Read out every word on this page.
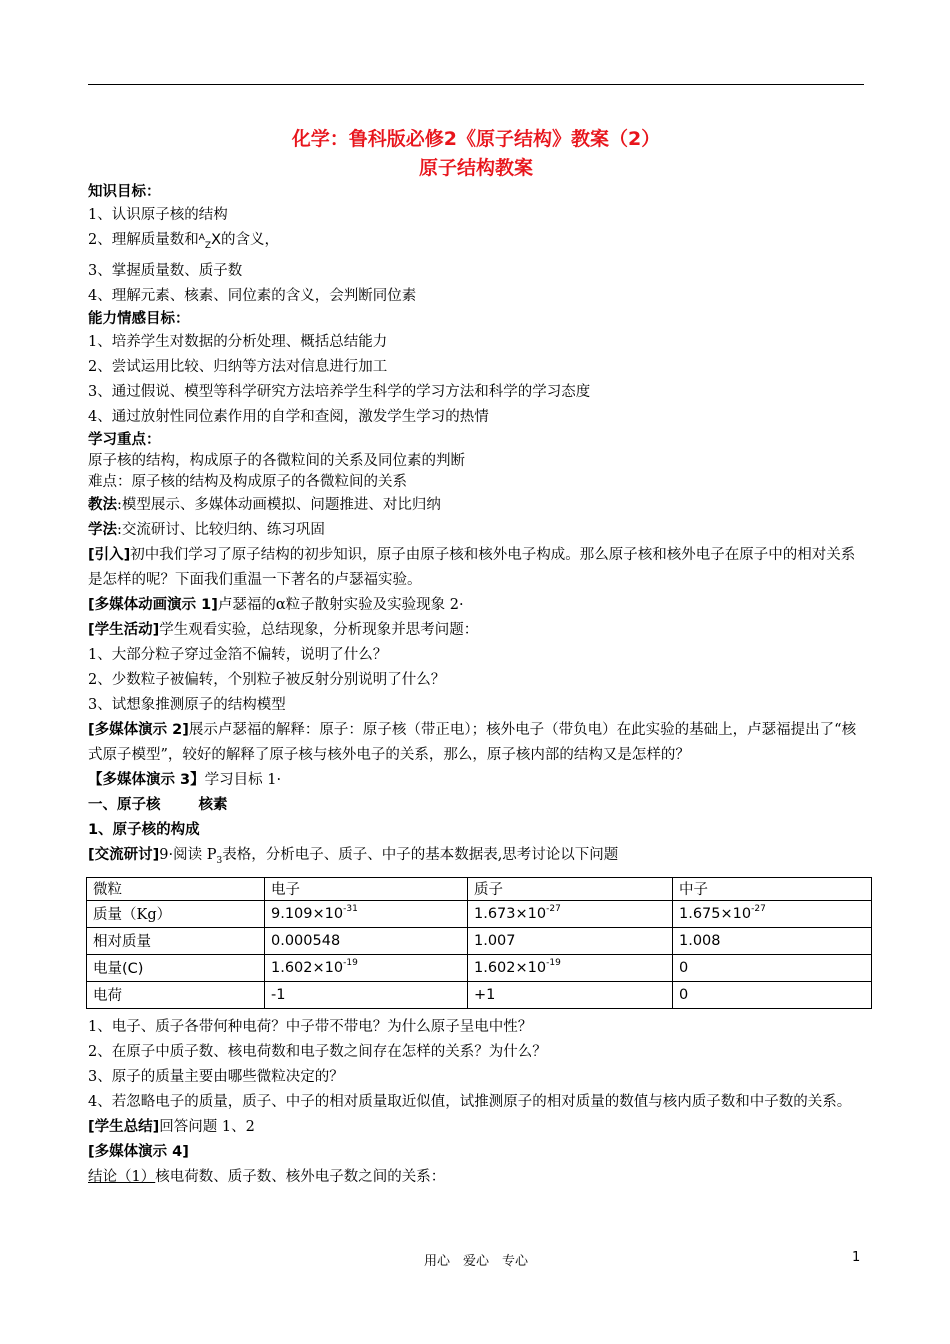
化学：鲁科版必修2《原子结构》教案（2）
原子结构教案
知识目标：
1、认识原子核的结构
2、理解质量数和$^A_Z$X的含义，
3、掌握质量数、质子数
4、理解元素、核素、同位素的含义，会判断同位素
能力情感目标：
1、培养学生对数据的分析处理、概括总结能力
2、尝试运用比较、归纳等方法对信息进行加工
3、通过假说、模型等科学研究方法培养学生科学的学习方法和科学的学习态度
4、通过放射性同位素作用的自学和查阅，激发学生学习的热情
学习重点：
原子核的结构，构成原子的各微粒间的关系及同位素的判断
难点：原子核的结构及构成原子的各微粒间的关系
教法:模型展示、多媒体动画模拟、问题推进、对比归纳
学法:交流研讨、比较归纳、练习巩固
[引入]初中我们学习了原子结构的初步知识，原子由原子核和核外电子构成。那么原子核和核外电子在原子中的相对关系是怎样的呢？下面我们重温一下著名的卢瑟福实验。
[多媒体动画演示 1]卢瑟福的α粒子散射实验及实验现象 2·
[学生活动]学生观看实验，总结现象，分析现象并思考问题：
1、大部分粒子穿过金箔不偏转，说明了什么？
2、少数粒子被偏转，个别粒子被反射分别说明了什么？
3、试想象推测原子的结构模型
[多媒体演示 2]展示卢瑟福的解释：原子：原子核（带正电）；核外电子（带负电）在此实验的基础上，卢瑟福提出了“核式原子模型”，较好的解释了原子核与核外电子的关系，那么，原子核内部的结构又是怎样的？
【多媒体演示 3】学习目标 1·
一、原子核	核素
1、原子核的构成
[交流研讨]9·阅读 $P_3$表格，分析电子、质子、中子的基本数据表,思考讨论以下问题
微粒	电子	质子	中子
质量（Kg）	$9.109\times 10^{-31}$	$1.673\times 10^{-27}$	$1.675\times 10^{-27}$
相对质量	0.000548	1.007	1.008
电量(C)	$1.602\times 10^{-19}$	$1.602\times 10^{-19}$	0
电荷	-1	+1	0
1、电子、质子各带何种电荷？中子带不带电？为什么原子呈电中性？
2、在原子中质子数、核电荷数和电子数之间存在怎样的关系？为什么？
3、原子的质量主要由哪些微粒决定的？
4、若忽略电子的质量，质子、中子的相对质量取近似值，试推测原子的相对质量的数值与核内质子数和中子数的关系。
[学生总结]回答问题 1、2
[多媒体演示 4]
结论（1）核电荷数、质子数、核外电子数之间的关系：
用心　爱心　专心	1
